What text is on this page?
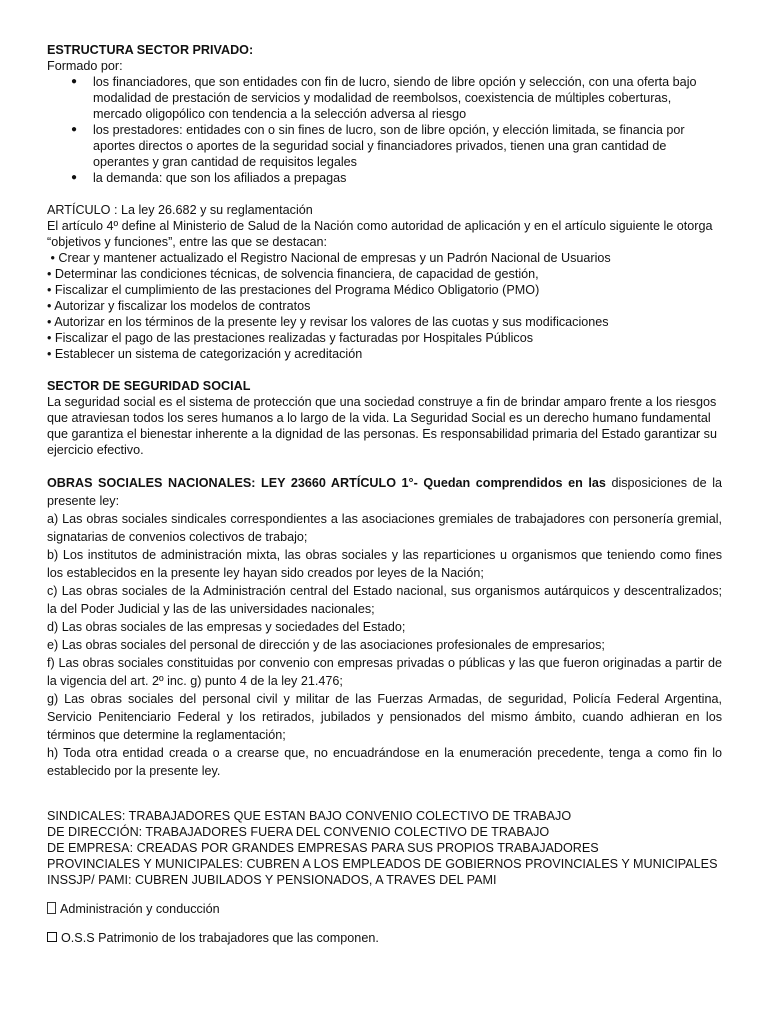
ESTRUCTURA SECTOR PRIVADO:

Formado por:

● los financiadores, que son entidades con fin de lucro, siendo de libre opción y selección, con una oferta bajo modalidad de prestación de servicios y modalidad de reembolsos, coexistencia de múltiples coberturas, mercado oligopólico con tendencia a la selección adversa al riesgo
● los prestadores: entidades con o sin fines de lucro, son de libre opción, y elección limitada, se financia por aportes directos o aportes de la seguridad social y financiadores privados, tienen una gran cantidad de operantes y gran cantidad de requisitos legales
● la demanda: que son los afiliados a prepagas

ARTÍCULO : La ley 26.682 y su reglamentación

El artículo 4º define al Ministerio de Salud de la Nación como autoridad de aplicación y en el artículo siguiente le otorga “objetivos y funciones”, entre las que se destacan:

• Crear y mantener actualizado el Registro Nacional de empresas y un Padrón Nacional de Usuarios
• Determinar las condiciones técnicas, de solvencia financiera, de capacidad de gestión,
• Fiscalizar el cumplimiento de las prestaciones del Programa Médico Obligatorio (PMO)
• Autorizar y fiscalizar los modelos de contratos
• Autorizar en los términos de la presente ley y revisar los valores de las cuotas y sus modificaciones
• Fiscalizar el pago de las prestaciones realizadas y facturadas por Hospitales Públicos
• Establecer un sistema de categorización y acreditación

SECTOR DE SEGURIDAD SOCIAL

La seguridad social es el sistema de protección que una sociedad construye a fin de brindar amparo frente a los riesgos que atraviesan todos los seres humanos a lo largo de la vida. La Seguridad Social es un derecho humano fundamental que garantiza el bienestar inherente a la dignidad de las personas. Es responsabilidad primaria del Estado garantizar su ejercicio efectivo.

OBRAS SOCIALES NACIONALES: LEY 23660 ARTÍCULO 1°- Quedan comprendidos en las disposiciones de la presente ley:

a) Las obras sociales sindicales correspondientes a las asociaciones gremiales de trabajadores con personería gremial, signatarias de convenios colectivos de trabajo;

b) Los institutos de administración mixta, las obras sociales y las reparticiones u organismos que teniendo como fines los establecidos en la presente ley hayan sido creados por leyes de la Nación;

c) Las obras sociales de la Administración central del Estado nacional, sus organismos autárquicos y descentralizados; la del Poder Judicial y las de las universidades nacionales;

d) Las obras sociales de las empresas y sociedades del Estado;

e) Las obras sociales del personal de dirección y de las asociaciones profesionales de empresarios;

f) Las obras sociales constituidas por convenio con empresas privadas o públicas y las que fueron originadas a partir de la vigencia del art. 2º inc. g) punto 4 de la ley 21.476;

g) Las obras sociales del personal civil y militar de las Fuerzas Armadas, de seguridad, Policía Federal Argentina, Servicio Penitenciario Federal y los retirados, jubilados y pensionados del mismo ámbito, cuando adhieran en los términos que determine la reglamentación;

h) Toda otra entidad creada o a crearse que, no encuadrándose en la enumeración precedente, tenga a como fin lo establecido por la presente ley.

SINDICALES: TRABAJADORES QUE ESTAN BAJO CONVENIO COLECTIVO DE TRABAJO

DE DIRECCIÓN: TRABAJADORES FUERA DEL CONVENIO COLECTIVO DE TRABAJO

DE EMPRESA: CREADAS POR GRANDES EMPRESAS PARA SUS PROPIOS TRABAJADORES

PROVINCIALES Y MUNICIPALES: CUBREN A LOS EMPLEADOS DE GOBIERNOS PROVINCIALES Y MUNICIPALES

INSSJP/ PAMI: CUBREN JUBILADOS Y PENSIONADOS, A TRAVES DEL PAMI

Administración y conducción

O.S.S Patrimonio de los trabajadores que las componen.
